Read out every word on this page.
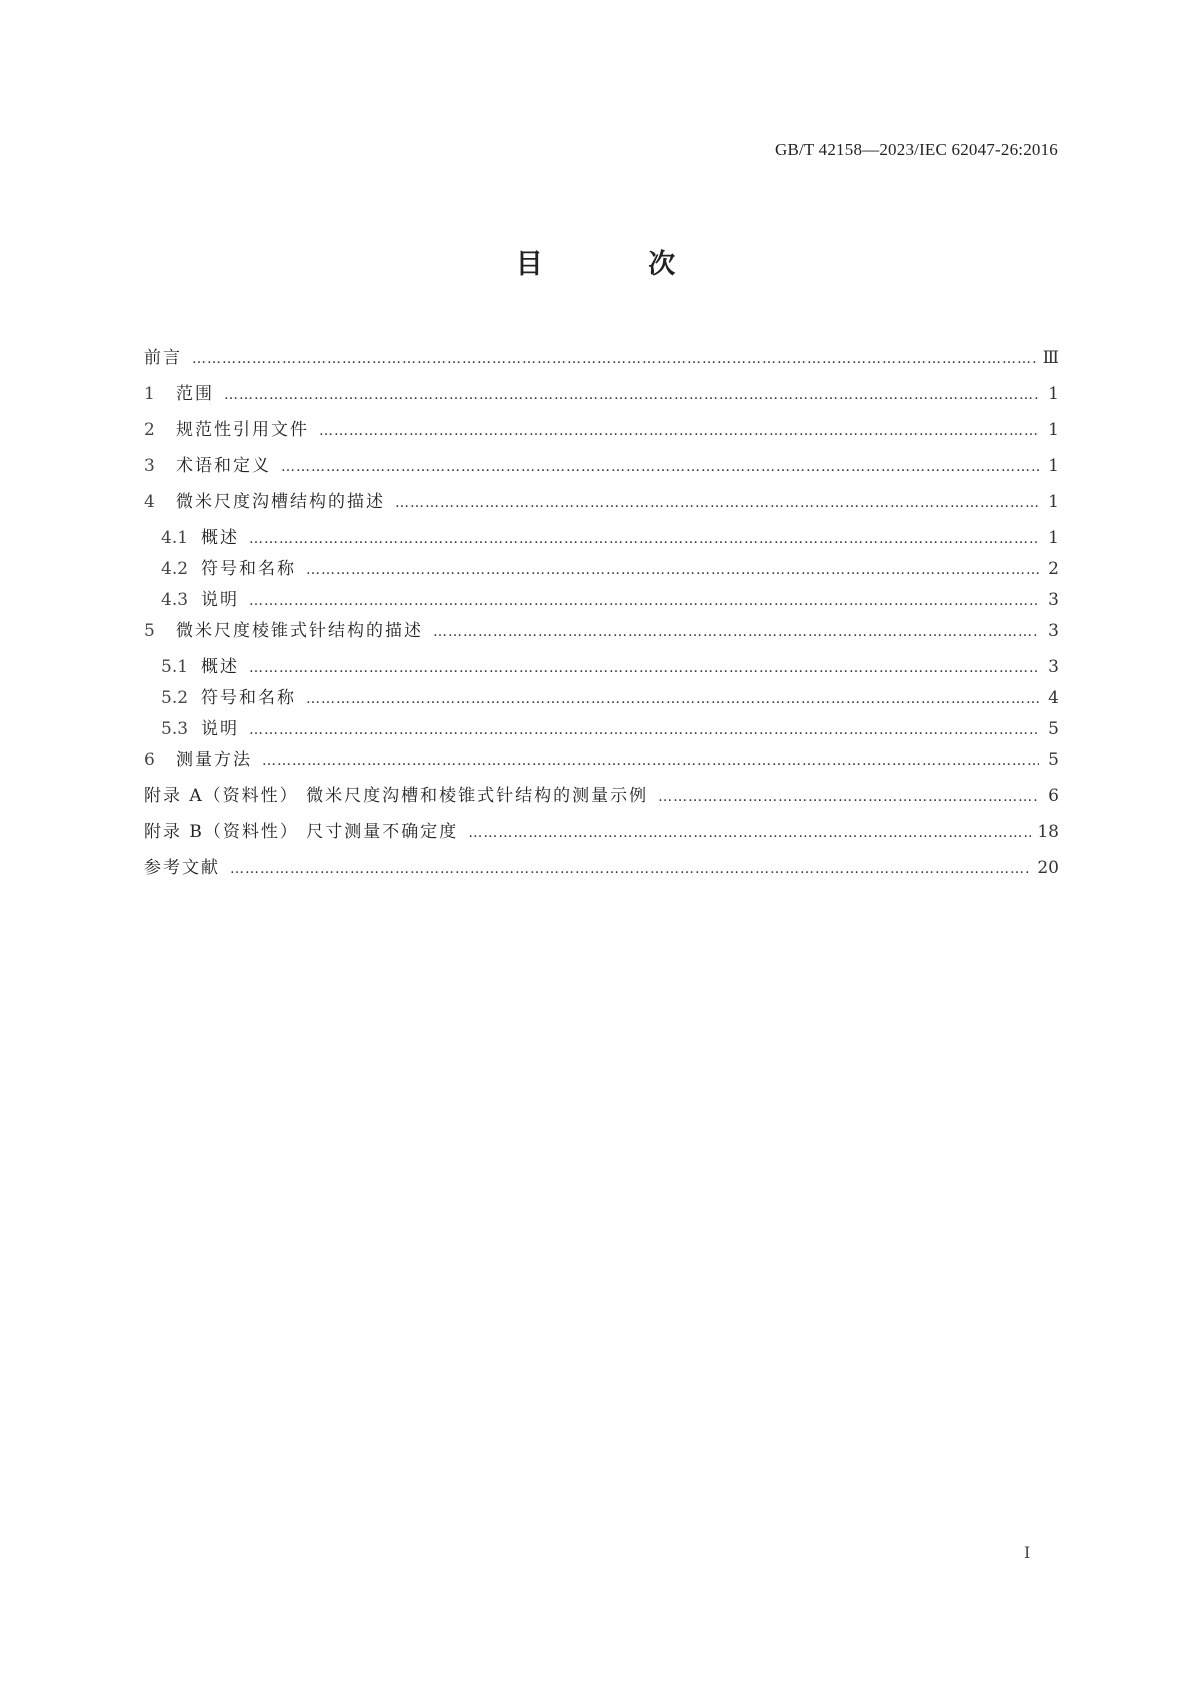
GB/T 42158—2023/IEC 62047-26:2016
目 次
前言 ……………………………………………………………………………………………………………………………………………………………………………………………………………………………………	Ⅲ
1	范围 ……………………………………………………………………………………………………………………………………………………………………………………………………………………………………	1
2	规范性引用文件 ……………………………………………………………………………………………………………………………………………………………………………………………………………………………………	1
3	术语和定义 ……………………………………………………………………………………………………………………………………………………………………………………………………………………………………	1
4	微米尺度沟槽结构的描述 ……………………………………………………………………………………………………………………………………………………………………………………………………………………………………	1
4.1 概述 ……………………………………………………………………………………………………………………………………………………………………………………………………………………………………	1
4.2 符号和名称 ……………………………………………………………………………………………………………………………………………………………………………………………………………………………………	2
4.3 说明 ……………………………………………………………………………………………………………………………………………………………………………………………………………………………………	3
5	微米尺度棱锥式针结构的描述 ……………………………………………………………………………………………………………………………………………………………………………………………………………………………………	3
5.1 概述 ……………………………………………………………………………………………………………………………………………………………………………………………………………………………………	3
5.2 符号和名称 ……………………………………………………………………………………………………………………………………………………………………………………………………………………………………	4
5.3 说明 ……………………………………………………………………………………………………………………………………………………………………………………………………………………………………	5
6	测量方法 ……………………………………………………………………………………………………………………………………………………………………………………………………………………………………	5
附录 A（资料性） 微米尺度沟槽和棱锥式针结构的测量示例 ……………………………………………………………………………………………………………………………………………………………………………………………………………………………………	6
附录 B（资料性） 尺寸测量不确定度 ……………………………………………………………………………………………………………………………………………………………………………………………………………………………………	18
参考文献 ……………………………………………………………………………………………………………………………………………………………………………………………………………………………………	20
Ⅰ
